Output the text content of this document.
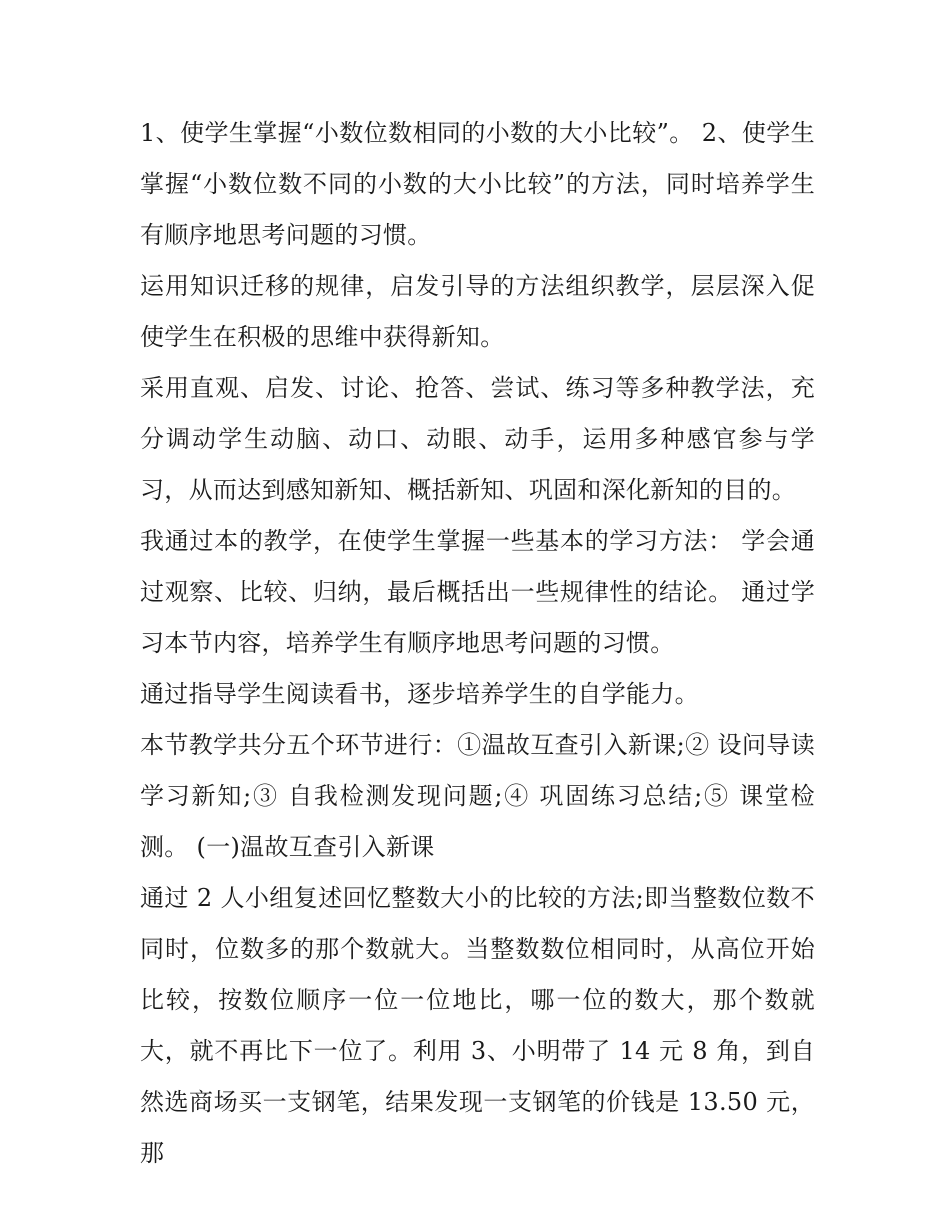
1、使学生掌握“小数位数相同的小数的大小比较”。 2、使学生掌握“小数位数不同的小数的大小比较”的方法，同时培养学生有顺序地思考问题的习惯。

运用知识迁移的规律，启发引导的方法组织教学，层层深入促使学生在积极的思维中获得新知。

采用直观、启发、讨论、抢答、尝试、练习等多种教学法，充分调动学生动脑、动口、动眼、动手，运用多种感官参与学习，从而达到感知新知、概括新知、巩固和深化新知的目的。

我通过本的教学，在使学生掌握一些基本的学习方法： 学会通过观察、比较、归纳，最后概括出一些规律性的结论。 通过学习本节内容，培养学生有顺序地思考问题的习惯。

通过指导学生阅读看书，逐步培养学生的自学能力。

本节教学共分五个环节进行：①温故互查引入新课;② 设问导读学习新知;③ 自我检测发现问题;④ 巩固练习总结;⑤ 课堂检测。 (一)温故互查引入新课

通过 2 人小组复述回忆整数大小的比较的方法;即当整数位数不同时，位数多的那个数就大。当整数数位相同时，从高位开始比较，按数位顺序一位一位地比，哪一位的数大，那个数就大，就不再比下一位了。利用 3、小明带了 14 元 8 角，到自然选商场买一支钢笔，结果发现一支钢笔的价钱是 13.50 元，那
